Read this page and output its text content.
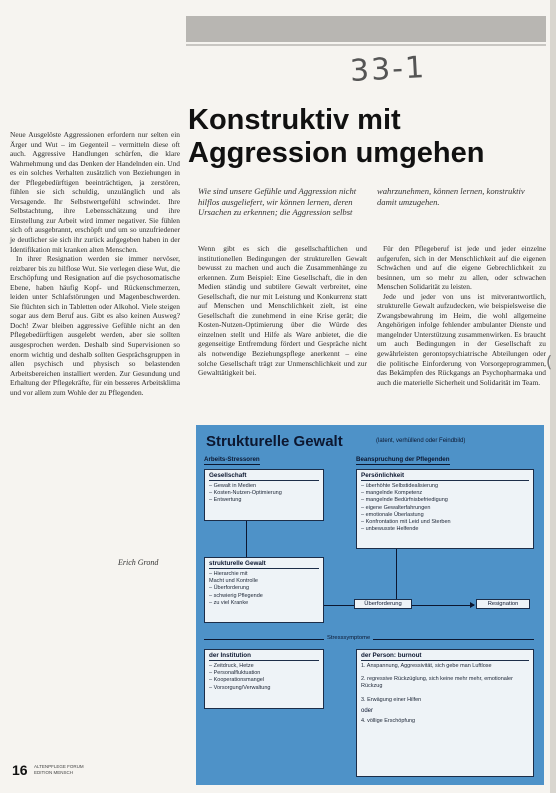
33-1
Konstruktiv mit
Aggression umgehen
Wie sind unsere Gefühle und Aggression nicht hilflos ausgeliefert, wir können lernen, deren Ursachen zu erkennen; die Aggression selbst wahrzunehmen, können lernen, konstruktiv damit umzugehen.

Neue Ausgelöste Aggressionen erfordern nur selten ein Ärger und Wut – im Gegenteil – vermitteln diese oft auch. Aggressive Handlungen schürfen, die klare Wahrnehmung und das Denken der Handelnden ein. Und es ein solches Verhalten zusätzlich von Beziehungen in der Pflegebedürftigen beeinträchtigen, ja zerstören, fühlen sie sich schuldig, unzulänglich und als Versagende. Ihr Selbstwertgefühl schwindet. Ihre Selbstachtung, ihre Lebensschätzung und ihre Einstellung zur Arbeit wird immer negativer. Sie fühlen sich oft ausgebrannt, erschöpft und um so unzufriedener je deutlicher sie sich ihr zurück aufgegeben haben in der Identifikation mit kranken alten Menschen.

In ihrer Resignation werden sie immer nervöser, reizbarer bis zu hilflose Wut. Sie verlegen diese Wut, die Erschöpfung und Resignation auf die psychosomatische Ebene, haben häufig Kopf- und Rückenschmerzen, leiden unter Schlafstörungen und Magenbeschwerden. Sie flüchten sich in Tabletten oder Alkohol. Viele steigen sogar aus dem Beruf aus. Gibt es also keinen Ausweg? Doch! Zwar bleiben aggressive Gefühle nicht an den Pflegebedürftigen ausgelebt werden, aber sie sollten ausgesprochen werden. Deshalb sind Supervisionen so enorm wichtig und deshalb sollten Gesprächsgruppen in allen psychisch und physisch so belastenden Arbeitsbereichen installiert werden. Zur Gesundung und Erhaltung der Pflegekräfte, für ein besseres Arbeitsklima und vor allem zum Wohle der zu Pflegenden.

Erich Grond

Wenn gibt es sich die gesellschaftlichen und institutionellen Bedingungen der strukturellen Gewalt bewusst zu machen und auch die Zusammenhänge zu erkennen. Zum Beispiel: Eine Gesellschaft, die in den Medien ständig und subtilere Gewalt verbreitet, eine Gesellschaft, die nur mit Leistung und Konkurrenz statt auf Menschen und Menschlichkeit zielt, ist eine Gesellschaft die zunehmend in eine Krise gerät; die Kosten-Nutzen-Optimierung über die Würde des einzelnen stellt und Hilfe als Ware anbietet, die die gegenseitige Entfremdung fördert und Gespräche nicht als notwendige Beziehungspflege anerkennt – eine solche Gesellschaft trägt zur Unmenschlichkeit und zur Gewalttätigkeit bei.

Für den Pflegeberuf ist jede und jeder einzelne aufgerufen, sich in der Menschlichkeit auf die eigenen Schwächen und auf die eigene Gebrechlichkeit zu besinnen, um so mehr zu allen, oder schwachen Menschen Solidarität zu leisten.

Jede und jeder von uns ist mitverantwortlich, strukturelle Gewalt aufzudecken, wie beispielsweise die Zwangsbewahrung im Heim, die wohl allgemeine Angehörigen infolge fehlender ambulanter Dienste und mangelnder Unterstützung zusammenwirken. Es braucht um auch Bedingungen in der Gesellschaft zu gewährleisten gerontopsychiatrische Abteilungen oder die politische Einforderung von Vorsorgeprogrammen, das Bekämpfen des Rückgangs an Psychopharmaka und auch die materielle Sicherheit und Solidarität im Team.

Strukturelle Gewalt	(latent, verhüllend oder Feindbild)
Arbeits-Stressoren	Beanspruchung der Pflegenden
Gesellschaft
– Gewalt in Medien
– Kosten-Nutzen-Optimierung
– Entwertung
Persönlichkeit
– überhöhte Selbstidealisierung
– mangelnde Kompetenz
– mangelnde Bedürfnisbefriedigung
– eigene Gewalterfahrungen
– emotionale Überlastung
– Konfrontation mit Leid und Sterben
– unbewusste Helfende
strukturelle Gewalt
– Hierarchie mit
Macht und Kontrolle
– Überforderung
– schwierig Pflegende
– zu viel Kranke	Überforderung	Resignation
Stresssymptome
der Institution
– Zeitdruck, Hetze
– Personalfluktuation
– Kooperationsmangel
– Vorsorgung/Verwaltung
der Person: burnout
1. Anspannung, Aggressivität, sich gebe man Luftlose
2. regressive Rückzüglung, sich keine mehr mehr, emotionaler Rückzug
3. Erwägung einer Hilfen
oder
4. völlige Erschöpfung
(
16 ALTENPFLEGE FORUM
EDITION MENSCH
